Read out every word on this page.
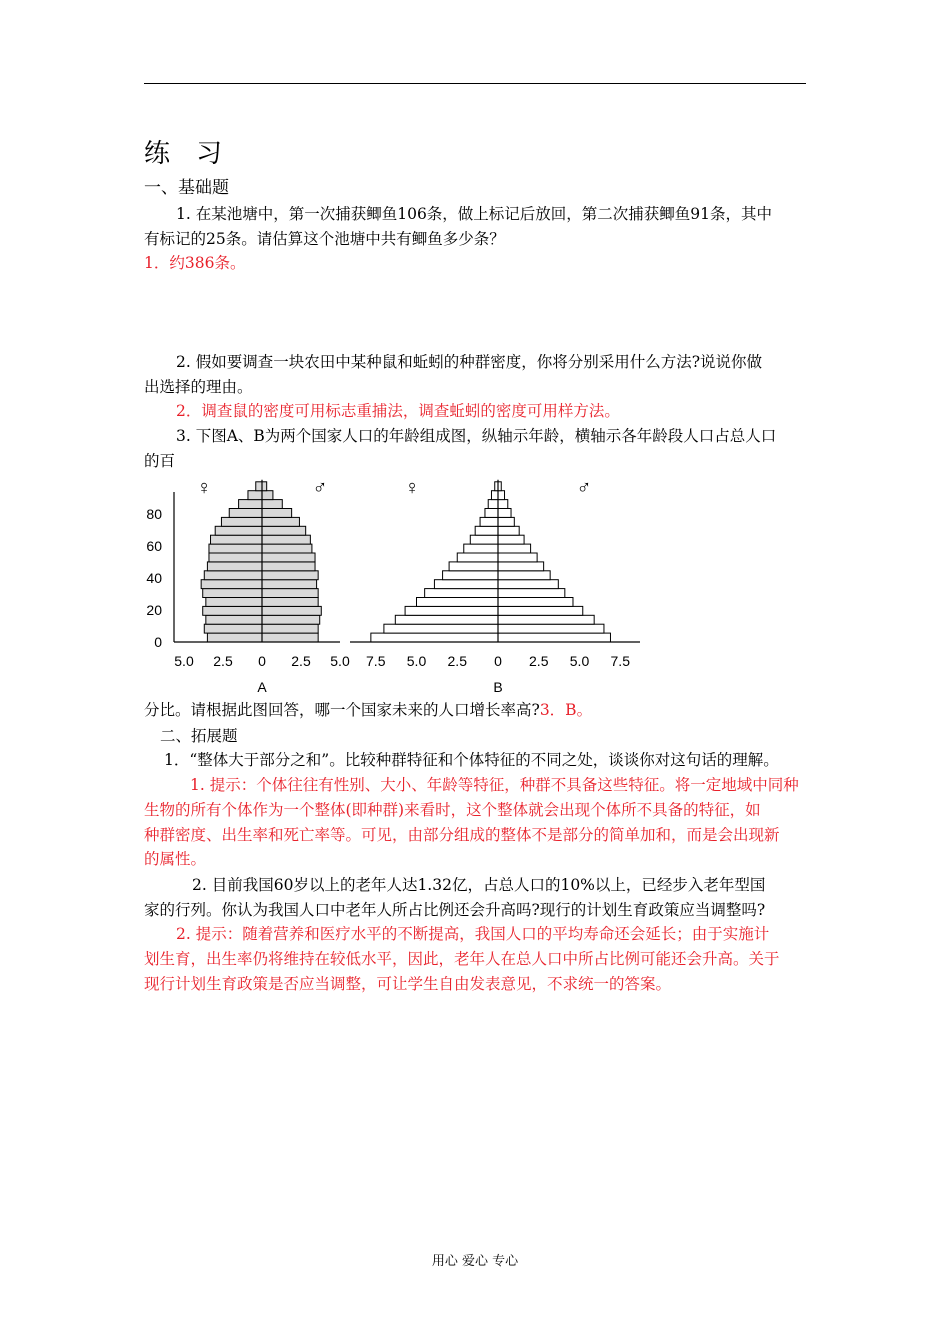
练 习
一、基础题
1. 在某池塘中，第一次捕获鲫鱼106条，做上标记后放回，第二次捕获鲫鱼91条，其中
有标记的25条。请估算这个池塘中共有鲫鱼多少条？
1．约386条。
2. 假如要调查一块农田中某种鼠和蚯蚓的种群密度，你将分别采用什么方法?说说你做
出选择的理由。
2．调查鼠的密度可用标志重捕法，调查蚯蚓的密度可用样方法。
3. 下图A、B为两个国家人口的年龄组成图，纵轴示年龄，横轴示各年龄段人口占总人口
的百
80
60
40
20
0
5.0 2.5 0 2.5 5.0
A
♀	♂
7.5 5.0 2.5 0 2.5 5.0 7.5
B
♀	♂
分比。请根据此图回答，哪一个国家未来的人口增长率高?3．B。
二、拓展题
1．“整体大于部分之和”。比较种群特征和个体特征的不同之处，谈谈你对这句话的理解。
1. 提示：个体往往有性别、大小、年龄等特征，种群不具备这些特征。将一定地域中同种
生物的所有个体作为一个整体(即种群)来看时，这个整体就会出现个体所不具备的特征，如
种群密度、出生率和死亡率等。可见，由部分组成的整体不是部分的简单加和，而是会出现新
的属性。
2. 目前我国60岁以上的老年人达1.32亿，占总人口的10%以上，已经步入老年型国
家的行列。你认为我国人口中老年人所占比例还会升高吗?现行的计划生育政策应当调整吗?
2. 提示：随着营养和医疗水平的不断提高，我国人口的平均寿命还会延长；由于实施计
划生育，出生率仍将维持在较低水平，因此，老年人在总人口中所占比例可能还会升高。关于
现行计划生育政策是否应当调整，可让学生自由发表意见，不求统一的答案。
用心 爱心 专心
